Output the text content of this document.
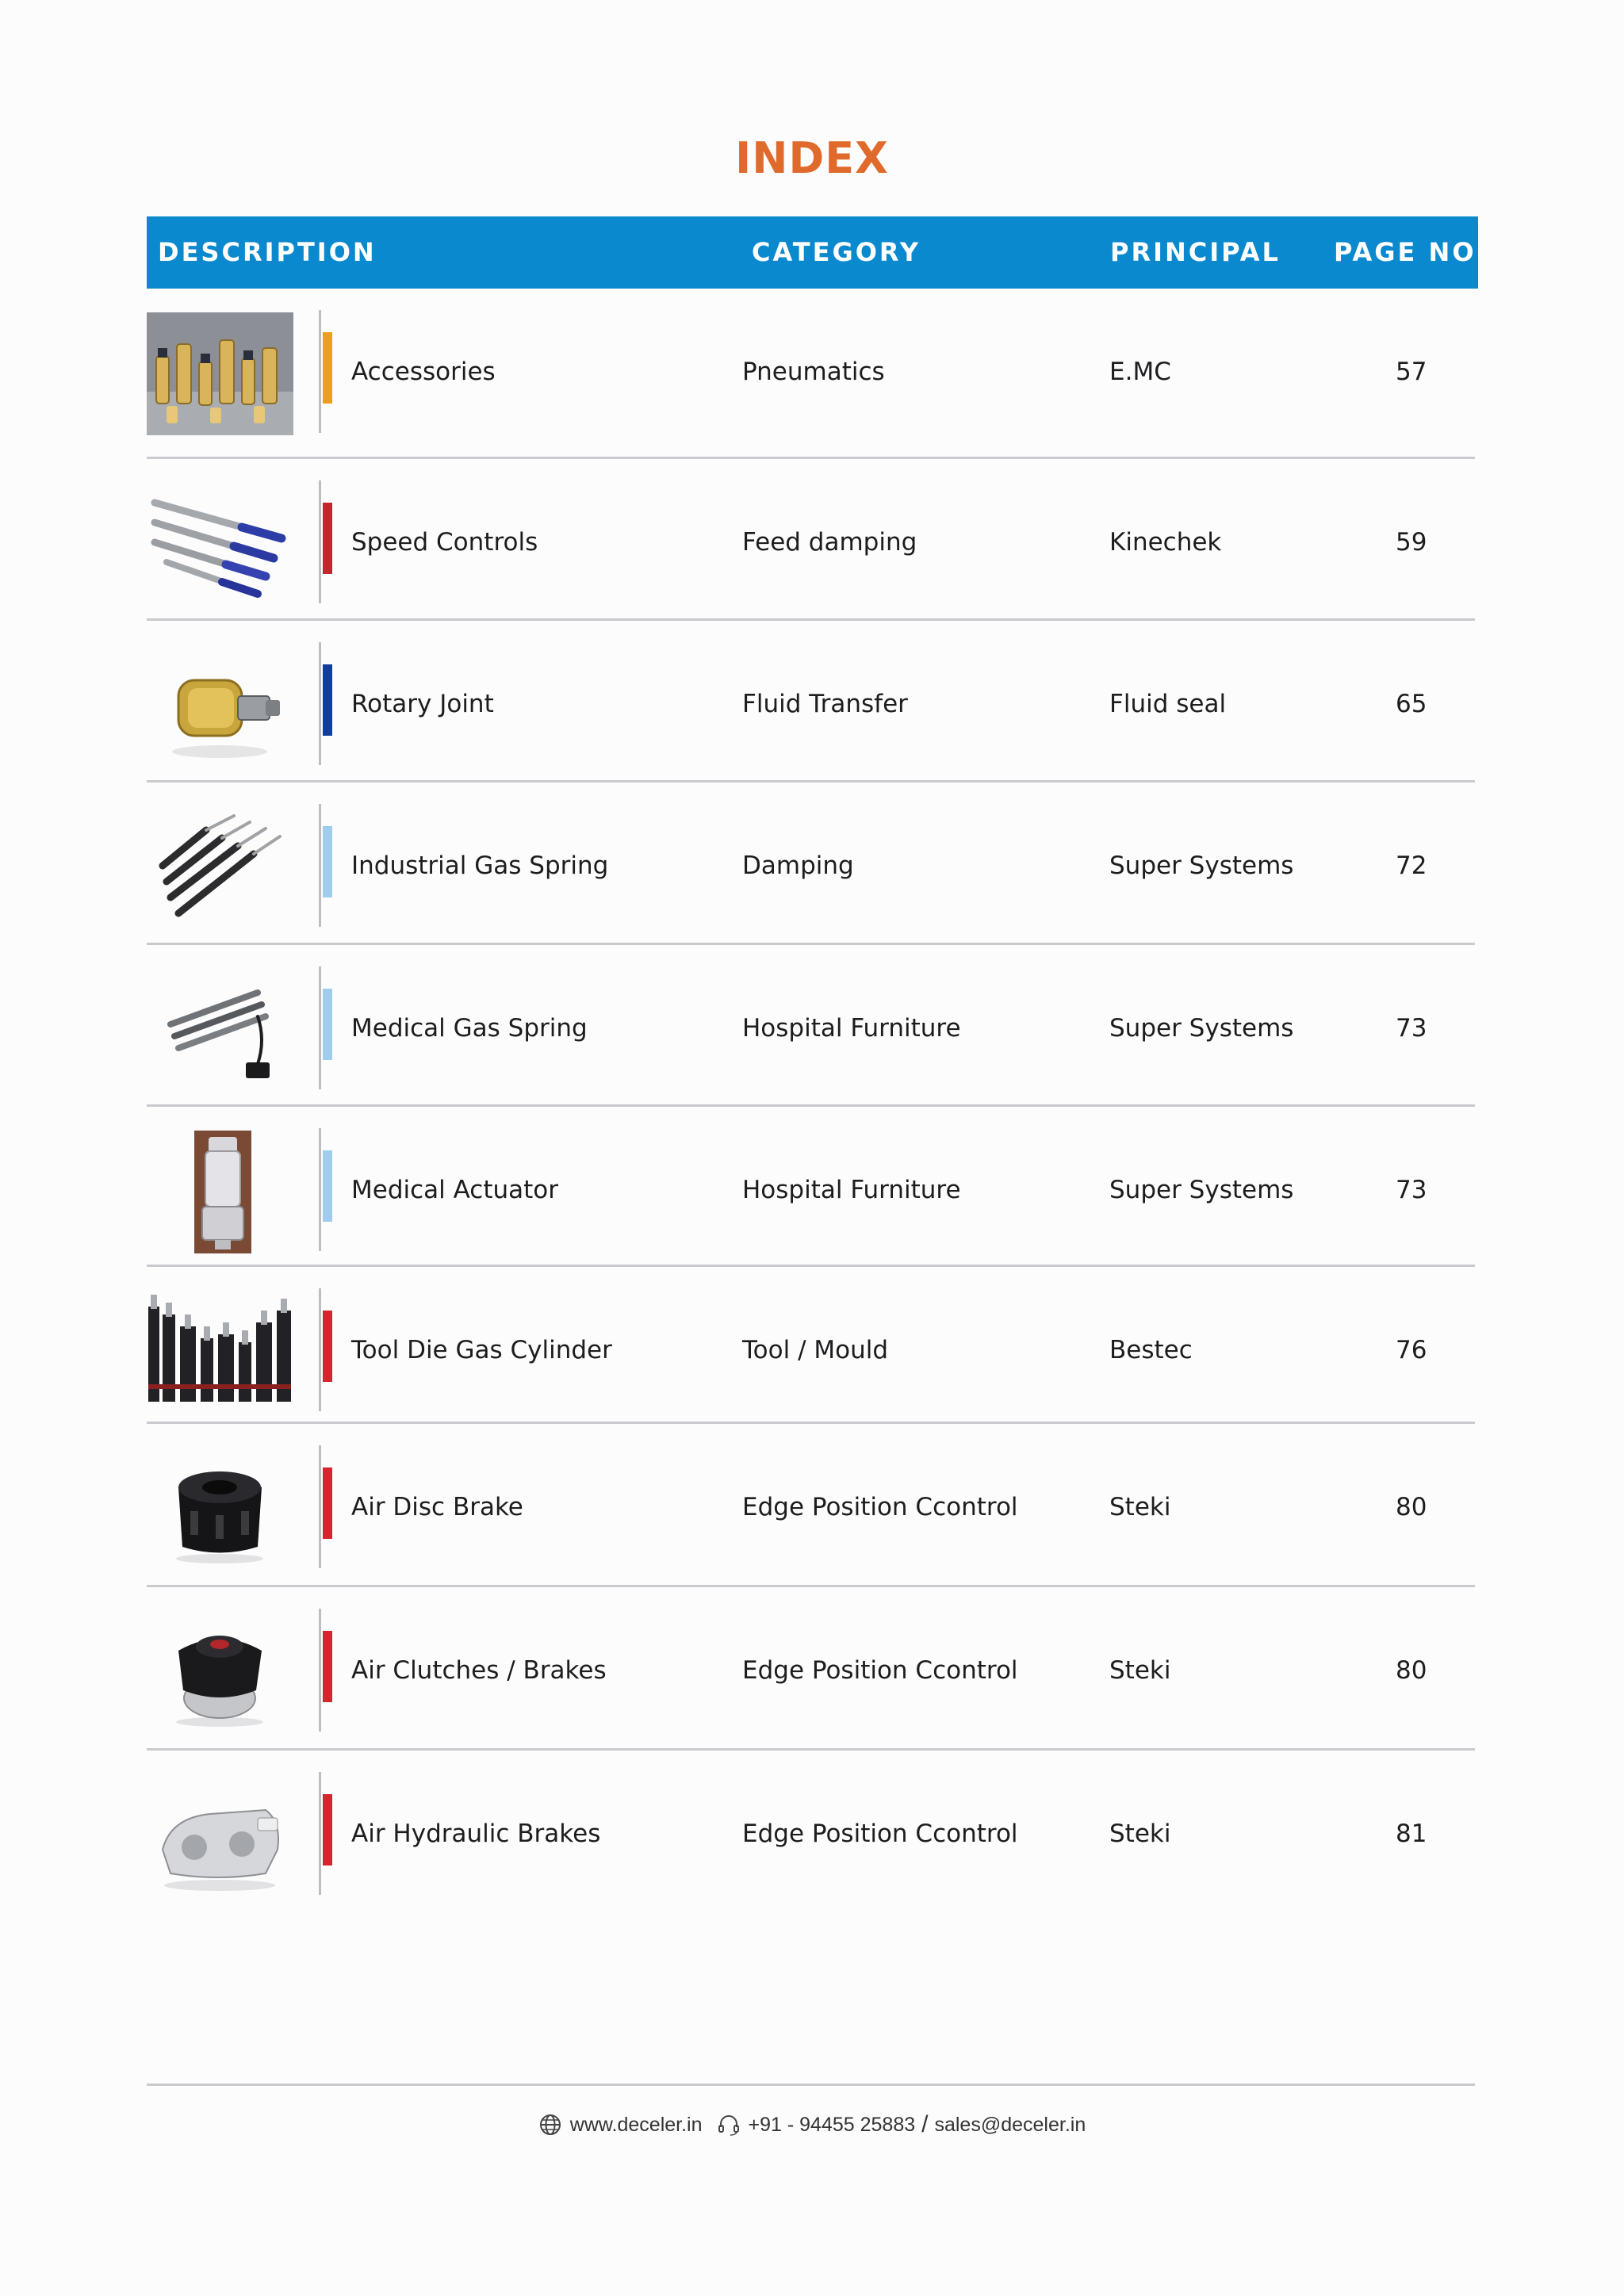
INDEX
DESCRIPTION	CATEGORY	PRINCIPAL PAGE NO
Accessories	Pneumatics	E.MC	57
Speed Controls	Feed damping	Kinechek	59
Rotary Joint	Fluid Transfer	Fluid seal	65
Industrial Gas Spring	Damping	Super Systems	72
Medical Gas Spring	Hospital Furniture	Super Systems	73
Medical Actuator	Hospital Furniture	Super Systems	73
Tool Die Gas Cylinder	Tool / Mould	Bestec	76
Air Disc Brake	Edge Position Ccontrol	Steki	80
Air Clutches / Brakes	Edge Position Ccontrol	Steki	80
Air Hydraulic Brakes	Edge Position Ccontrol	Steki	81
www.deceler.in +91 - 94455 25883 / sales@deceler.in
